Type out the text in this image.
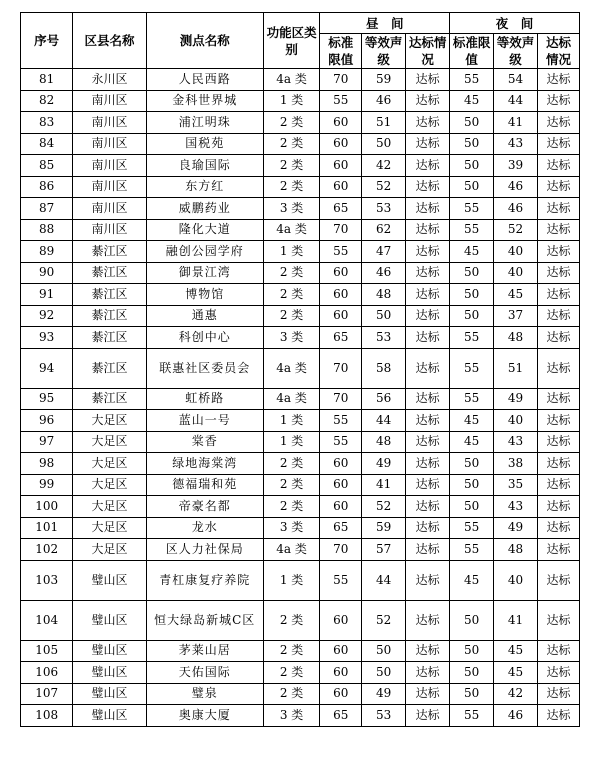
序号	区县名称	测点名称	功能区类别	昼　间			夜　间		
				标准限值	等效声级	达标情况	标准限值	等效声级	达标情况
81	永川区	人民西路	4a 类	70	59	达标	55	54	达标
82	南川区	金科世界城	1 类	55	46	达标	45	44	达标
83	南川区	浦江明珠	2 类	60	51	达标	50	41	达标
84	南川区	国税苑	2 类	60	50	达标	50	43	达标
85	南川区	良瑜国际	2 类	60	42	达标	50	39	达标
86	南川区	东方红	2 类	60	52	达标	50	46	达标
87	南川区	威鹏药业	3 类	65	53	达标	55	46	达标
88	南川区	隆化大道	4a 类	70	62	达标	55	52	达标
89	綦江区	融创公园学府	1 类	55	47	达标	45	40	达标
90	綦江区	御景江湾	2 类	60	46	达标	50	40	达标
91	綦江区	博物馆	2 类	60	48	达标	50	45	达标
92	綦江区	通惠	2 类	60	50	达标	50	37	达标
93	綦江区	科创中心	3 类	65	53	达标	55	48	达标
94	綦江区	联惠社区委员会	4a 类	70	58	达标	55	51	达标
95	綦江区	虹桥路	4a 类	70	56	达标	55	49	达标
96	大足区	蓝山一号	1 类	55	44	达标	45	40	达标
97	大足区	棠香	1 类	55	48	达标	45	43	达标
98	大足区	绿地海棠湾	2 类	60	49	达标	50	38	达标
99	大足区	德福瑞和苑	2 类	60	41	达标	50	35	达标
100	大足区	帝豪名都	2 类	60	52	达标	50	43	达标
101	大足区	龙水	3 类	65	59	达标	55	49	达标
102	大足区	区人力社保局	4a 类	70	57	达标	55	48	达标
103	璧山区	青杠康复疗养院	1 类	55	44	达标	45	40	达标
104	璧山区	恒大绿岛新城C区	2 类	60	52	达标	50	41	达标
105	璧山区	茅莱山居	2 类	60	50	达标	50	45	达标
106	璧山区	天佑国际	2 类	60	50	达标	50	45	达标
107	璧山区	璧泉	2 类	60	49	达标	50	42	达标
108	璧山区	奥康大厦	3 类	65	53	达标	55	46	达标
